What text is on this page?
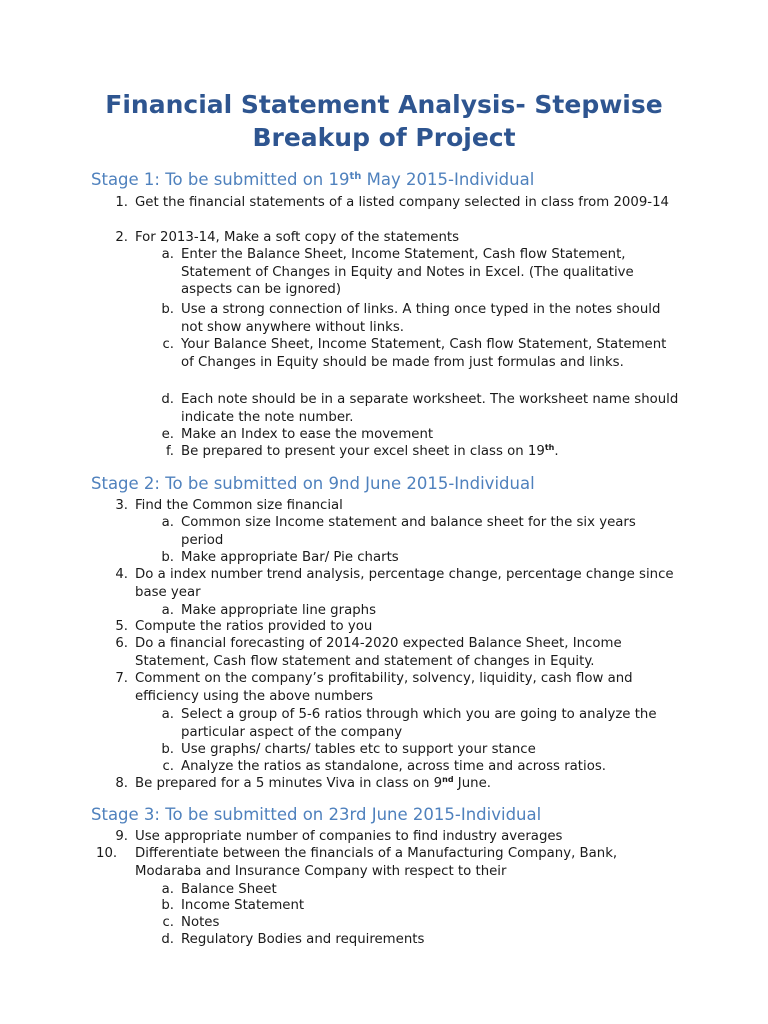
Financial Statement Analysis- Stepwise
Breakup of Project
Stage 1: To be submitted on 19th May 2015-Individual
1. Get the financial statements of a listed company selected in class from 2009-14
2. For 2013-14, Make a soft copy of the statements
a. Enter the Balance Sheet, Income Statement, Cash flow Statement, Statement of Changes in Equity and Notes in Excel. (The qualitative aspects can be ignored)
b. Use a strong connection of links. A thing once typed in the notes should not show anywhere without links.
c. Your Balance Sheet, Income Statement, Cash flow Statement, Statement of Changes in Equity should be made from just formulas and links.
d. Each note should be in a separate worksheet. The worksheet name should indicate the note number.
e. Make an Index to ease the movement
f. Be prepared to present your excel sheet in class on 19th.
Stage 2: To be submitted on 9nd June 2015-Individual
3. Find the Common size financial
a. Common size Income statement and balance sheet for the six years period
b. Make appropriate Bar/ Pie charts
4. Do a index number trend analysis, percentage change, percentage change since base year
a. Make appropriate line graphs
5. Compute the ratios provided to you
6. Do a financial forecasting of 2014-2020 expected Balance Sheet, Income Statement, Cash flow statement and statement of changes in Equity.
7. Comment on the company’s profitability, solvency, liquidity, cash flow and efficiency using the above numbers
a. Select a group of 5-6 ratios through which you are going to analyze the particular aspect of the company
b. Use graphs/ charts/ tables etc to support your stance
c. Analyze the ratios as standalone, across time and across ratios.
8. Be prepared for a 5 minutes Viva in class on 9nd June.
Stage 3: To be submitted on 23rd June 2015-Individual
9. Use appropriate number of companies to find industry averages
10.	Differentiate between the financials of a Manufacturing Company, Bank, Modaraba and Insurance Company with respect to their
a. Balance Sheet
b. Income Statement
c. Notes
d. Regulatory Bodies and requirements
